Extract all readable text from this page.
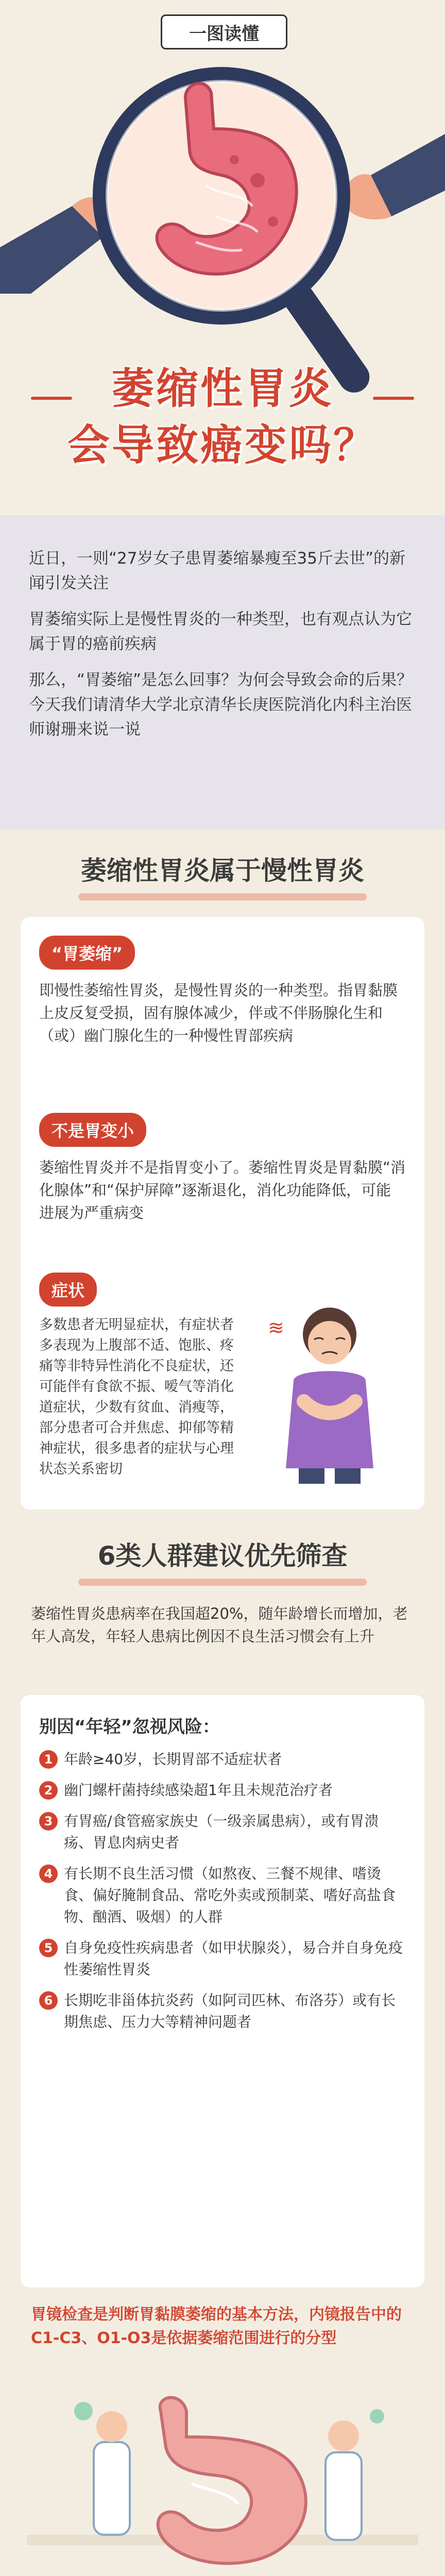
一图读懂
萎缩性胃炎
会导致癌变吗？

近日，一则“27岁女子患胃萎缩暴瘦至35斤去世”的新闻引发关注

胃萎缩实际上是慢性胃炎的一种类型，也有观点认为它属于胃的癌前疾病

那么，“胃萎缩”是怎么回事？为何会导致会命的后果？今天我们请清华大学北京清华长庚医院消化内科主治医师谢珊来说一说

萎缩性胃炎属于慢性胃炎
“胃萎缩”
即慢性萎缩性胃炎，是慢性胃炎的一种类型。指胃黏膜上皮反复受损，固有腺体减少，伴或不伴肠腺化生和（或）幽门腺化生的一种慢性胃部疾病
不是胃变小
萎缩性胃炎并不是指胃变小了。萎缩性胃炎是胃黏膜“消化腺体”和“保护屏障”逐渐退化，消化功能降低，可能进展为严重病变
症状
多数患者无明显症状，有症状者多表现为上腹部不适、饱胀、疼痛等非特异性消化不良症状，还可能伴有食欲不振、嗳气等消化道症状，少数有贫血、消瘦等，部分患者可合并焦虑、抑郁等精神症状，很多患者的症状与心理状态关系密切
≋
6类人群建议优先筛查
萎缩性胃炎患病率在我国超20%，随年龄增长而增加，老年人高发，年轻人患病比例因不良生活习惯会有上升
别因“年轻”忽视风险：
1 年龄≥40岁，长期胃部不适症状者
2 幽门螺杆菌持续感染超1年且未规范治疗者
3 有胃癌/食管癌家族史（一级亲属患病），或有胃溃疡、胃息肉病史者
4 有长期不良生活习惯（如熬夜、三餐不规律、嗜烫食、偏好腌制食品、常吃外卖或预制菜、嗜好高盐食物、酗酒、吸烟）的人群
5 自身免疫性疾病患者（如甲状腺炎），易合并自身免疫性萎缩性胃炎
6 长期吃非甾体抗炎药（如阿司匹林、布洛芬）或有长期焦虑、压力大等精神问题者
胃镜检查是判断胃黏膜萎缩的基本方法，内镜报告中的C1-C3、O1-O3是依据萎缩范围进行的分型
